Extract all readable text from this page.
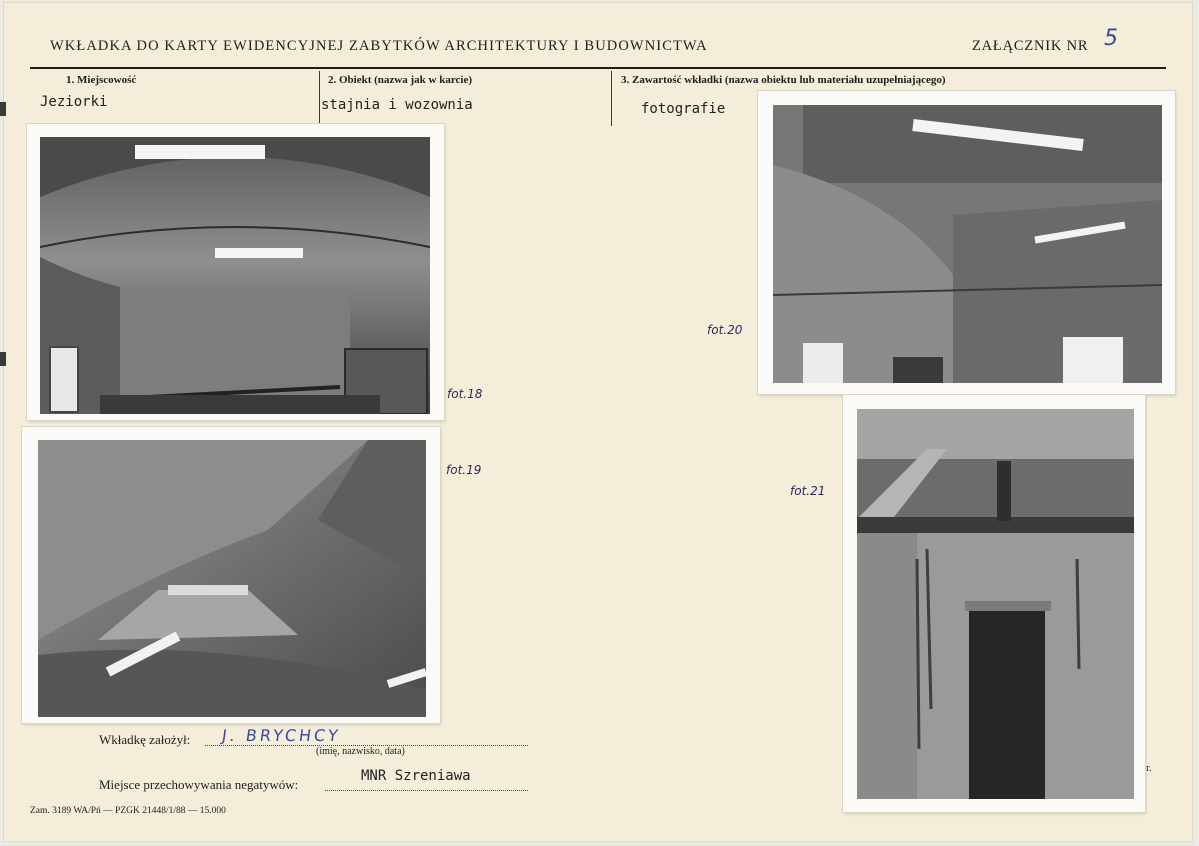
WKŁADKA DO KARTY EWIDENCYJNEJ ZABYTKÓW ARCHITEKTURY I BUDOWNICTWA	ZAŁĄCZNIK NR 5
1. Miejscowość
Jeziorki
2. Obiekt (nazwa jak w karcie)
stajnia i wozownia
3. Zawartość wkładki (nazwa obiektu lub materiału uzupełniającego)
fotografie
fot.18
fot.19
fot.20
fot.21
Wkładkę założył: J. BRYCHCY
(imię, nazwisko, data)
Miejsce przechowywania negatywów:
MNR Szreniawa
Zam. 3189 WA/Pń — PZGK 21448/1/88 — 15.000
r.
